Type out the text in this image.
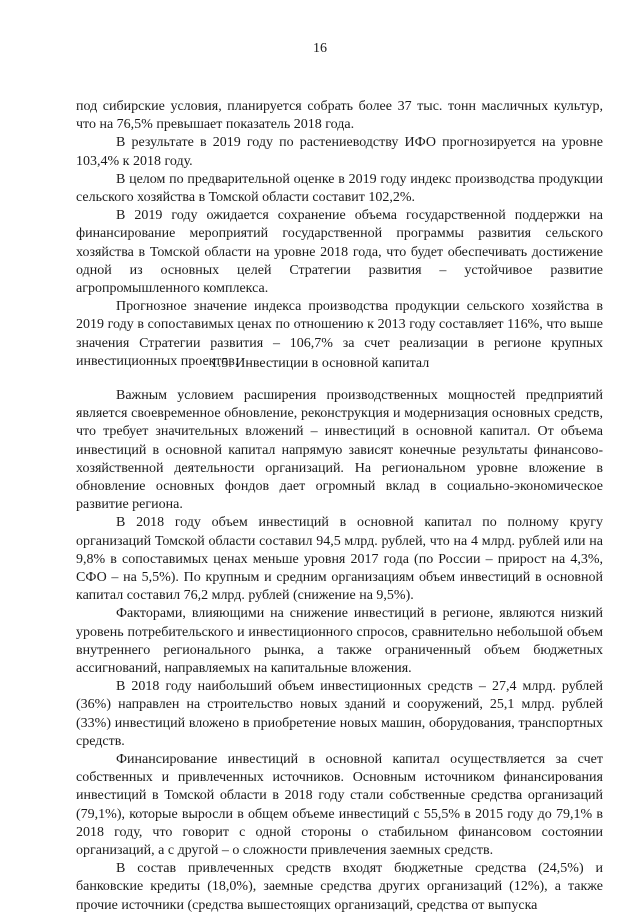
16

под сибирские условия, планируется собрать более 37 тыс. тонн масличных культур, что на 76,5% превышает показатель 2018 года.

В результате в 2019 году по растениеводству ИФО прогнозируется на уровне 103,4% к 2018 году.

В целом по предварительной оценке в 2019 году индекс производства продукции сельского хозяйства в Томской области составит 102,2%.

В 2019 году ожидается сохранение объема государственной поддержки на финансирование мероприятий государственной программы развития сельского хозяйства в Томской области на уровне 2018 года, что будет обеспечивать достижение одной из основных целей Стратегии развития – устойчивое развитие агропромышленного комплекса.

Прогнозное значение индекса производства продукции сельского хозяйства в 2019 году в сопоставимых ценах по отношению к 2013 году составляет 116%, что выше значения Стратегии развития – 106,7% за счет реализации в регионе крупных инвестиционных проектов.

1.5. Инвестиции в основной капитал

Важным условием расширения производственных мощностей предприятий является своевременное обновление, реконструкция и модернизация основных средств, что требует значительных вложений – инвестиций в основной капитал. От объема инвестиций в основной капитал напрямую зависят конечные результаты финансово-хозяйственной деятельности организаций. На региональном уровне вложение в обновление основных фондов дает огромный вклад в социально-экономическое развитие региона.

В 2018 году объем инвестиций в основной капитал по полному кругу организаций Томской области составил 94,5 млрд. рублей, что на 4 млрд. рублей или на 9,8% в сопоставимых ценах меньше уровня 2017 года (по России – прирост на 4,3%, СФО – на 5,5%). По крупным и средним организациям объем инвестиций в основной капитал составил 76,2 млрд. рублей (снижение на 9,5%).

Факторами, влияющими на снижение инвестиций в регионе, являются низкий уровень потребительского и инвестиционного спросов, сравнительно небольшой объем внутреннего регионального рынка, а также ограниченный объем бюджетных ассигнований, направляемых на капитальные вложения.

В 2018 году наибольший объем инвестиционных средств – 27,4 млрд. рублей (36%) направлен на строительство новых зданий и сооружений, 25,1 млрд. рублей (33%) инвестиций вложено в приобретение новых машин, оборудования, транспортных средств.

Финансирование инвестиций в основной капитал осуществляется за счет собственных и привлеченных источников. Основным источником финансирования инвестиций в Томской области в 2018 году стали собственные средства организаций (79,1%), которые выросли в общем объеме инвестиций с 55,5% в 2015 году до 79,1% в 2018 году, что говорит с одной стороны о стабильном финансовом состоянии организаций, а с другой – о сложности привлечения заемных средств.

В состав привлеченных средств входят бюджетные средства (24,5%) и банковские кредиты (18,0%), заемные средства других организаций (12%), а также прочие источники (средства вышестоящих организаций, средства от выпуска
